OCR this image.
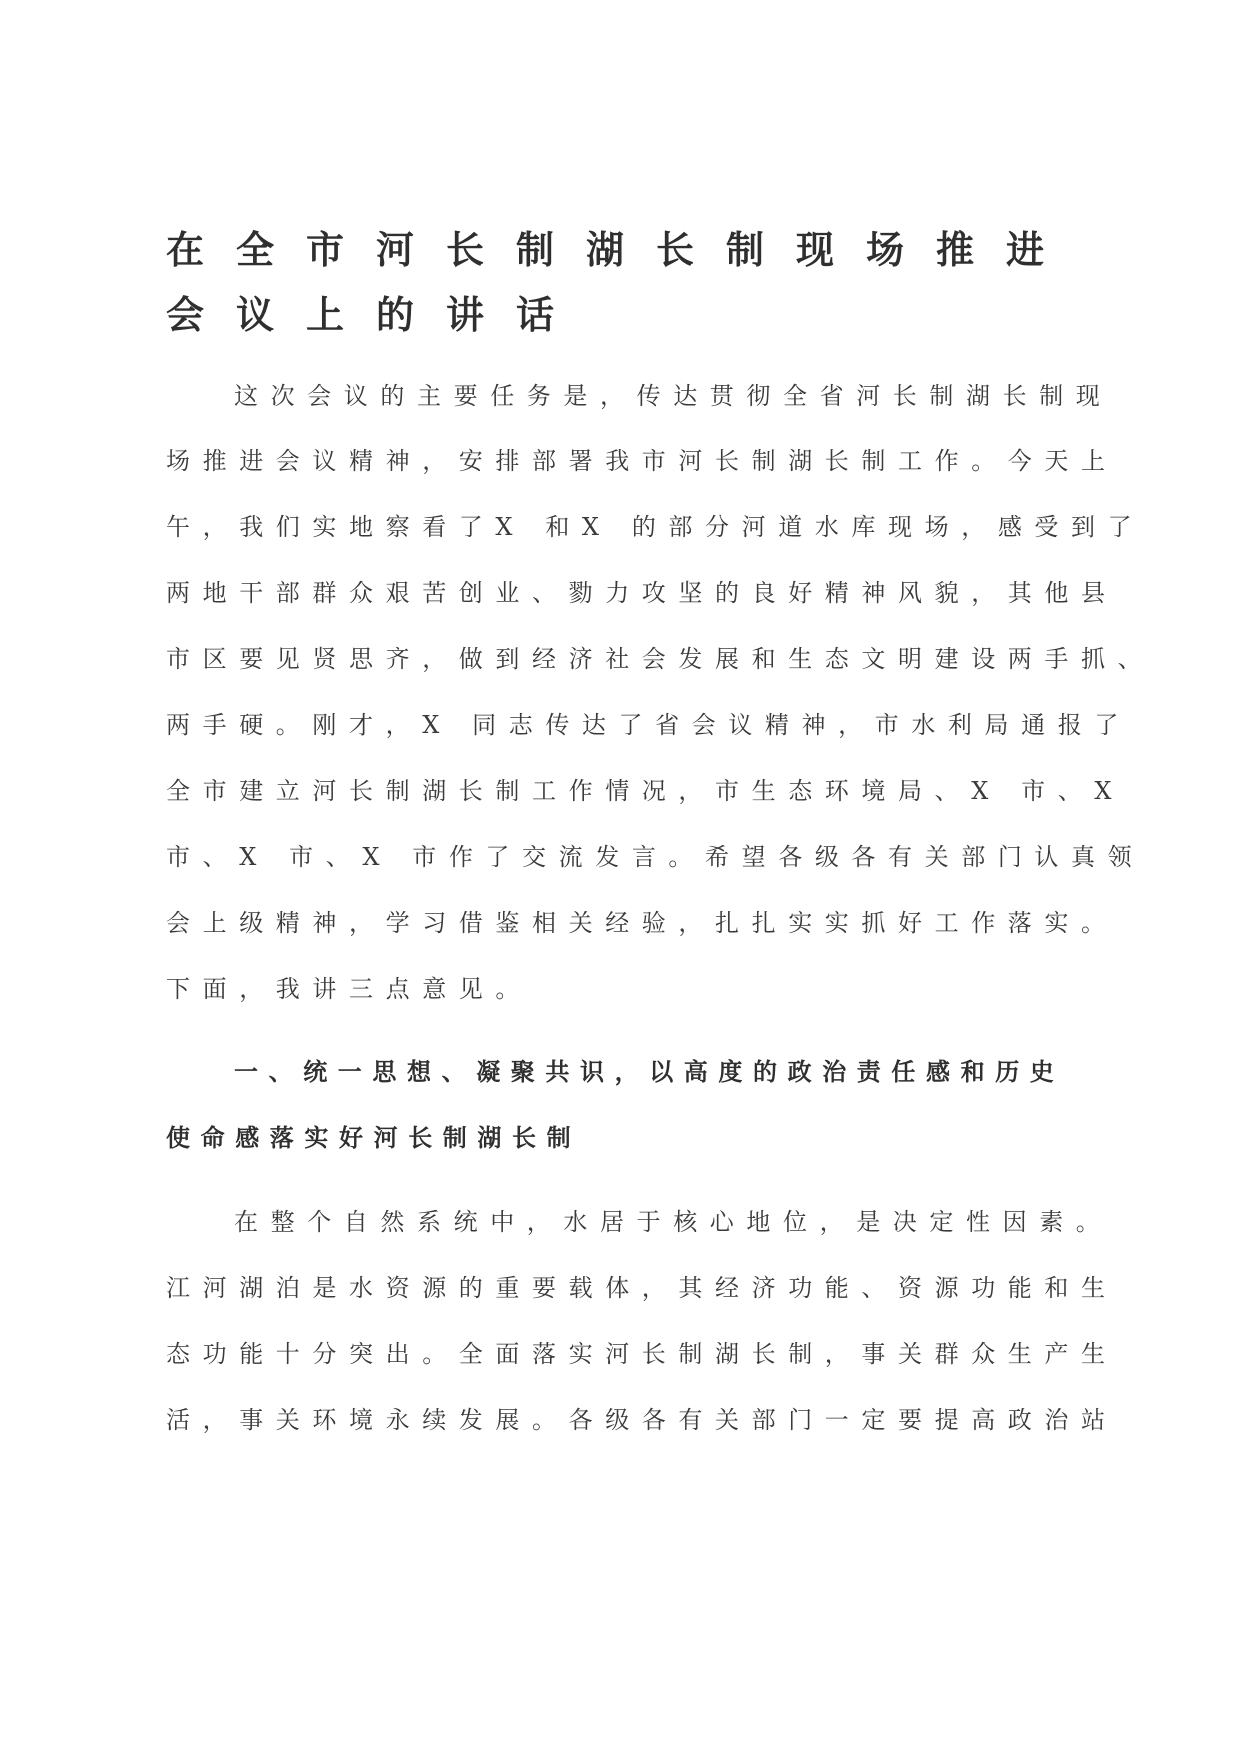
在全市河长制湖长制现场推进
会议上的讲话
这次会议的主要任务是，传达贯彻全省河长制湖长制现
场推进会议精神，安排部署我市河长制湖长制工作。今天上
午，我们实地察看了X 和X 的部分河道水库现场，感受到了
两地干部群众艰苦创业、勠力攻坚的良好精神风貌，其他县
市区要见贤思齐，做到经济社会发展和生态文明建设两手抓、
两手硬。刚才，X 同志传达了省会议精神，市水利局通报了
全市建立河长制湖长制工作情况，市生态环境局、X 市、X
市、X 市、X 市作了交流发言。希望各级各有关部门认真领
会上级精神，学习借鉴相关经验，扎扎实实抓好工作落实。
下面，我讲三点意见。
一、统一思想、凝聚共识，以高度的政治责任感和历史
使命感落实好河长制湖长制
在整个自然系统中，水居于核心地位，是决定性因素。
江河湖泊是水资源的重要载体，其经济功能、资源功能和生
态功能十分突出。全面落实河长制湖长制，事关群众生产生
活，事关环境永续发展。各级各有关部门一定要提高政治站
